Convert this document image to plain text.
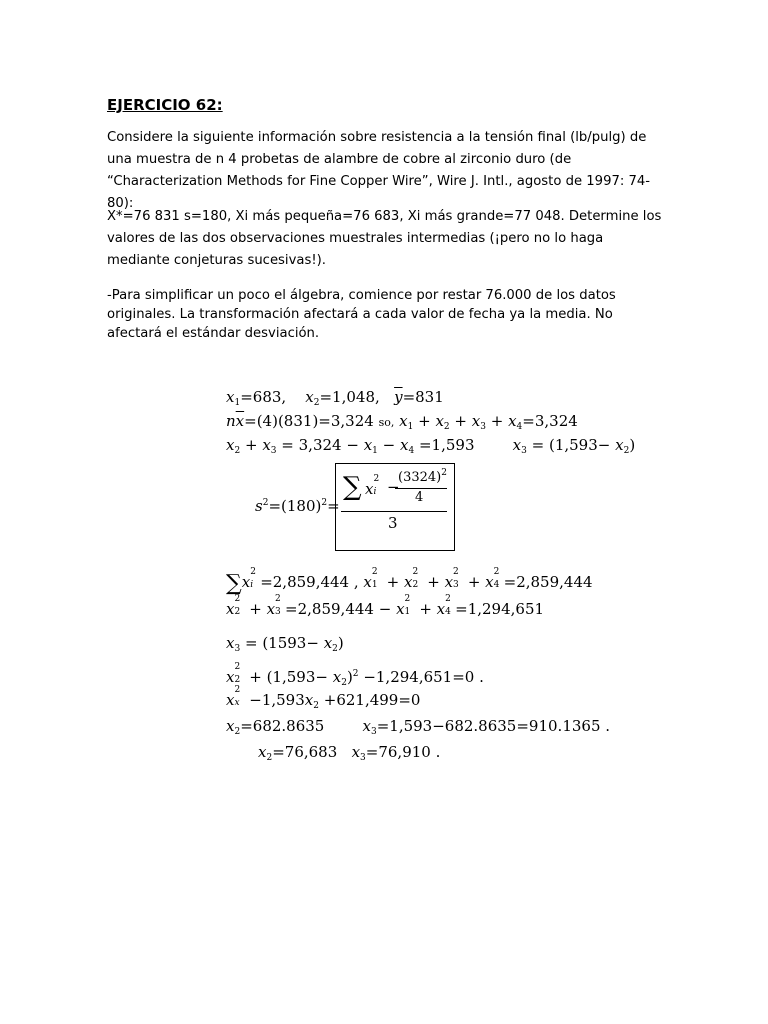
EJERCICIO 62:
Considere la siguiente información sobre resistencia a la tensión final (lb/pulg) de una muestra de n 4 probetas de alambre de cobre al zirconio duro (de “Characterization Methods for Fine Copper Wire”, Wire J. Intl., agosto de 1997: 74-80):
X*=76 831 s=180, Xi más pequeña=76 683, Xi más grande=77 048. Determine los valores de las dos observaciones muestrales intermedias (¡pero no lo haga mediante conjeturas sucesivas!).
-Para simplificar un poco el álgebra, comience por restar 76.000 de los datos originales. La transformación afectará a cada valor de fecha ya la media. No afectará el estándar desviación.
$x_1=683$, $x_2=1,048$, $\overline{y}=831$
$n\overline{x}=(4)(831)=3,324$ so, $x_1 + x_2 + x_3 + x_4=3,324$
$x_2 + x_3 = 3,324 - x_1 - x_4 =1,593$	$x_3 = (1,593- x_2)$
$s^2=(180)^2=$
∑ x
2
i −
$(3324)^2$
4
3
∑x
2
i =2,859,444 , x
2
1 + x
2
2 + x
2
3 + x
2
4 =2,859,444
x
2
2 + x
2
3 =2,859,444 − x
2
1 + x
2
4 =1,294,651
$x_3 = (1593- x_2)$
x
2
$2 + (1,593- x_2)^2 -1,294,651=0$ .
x
2
$x -1,593x_2 +621,499=0$
$x_2=682.8635$	$x_3=1,593-682.8635=910.1365$ .
$x_2=76,683$ $x_3=76,910$ .
